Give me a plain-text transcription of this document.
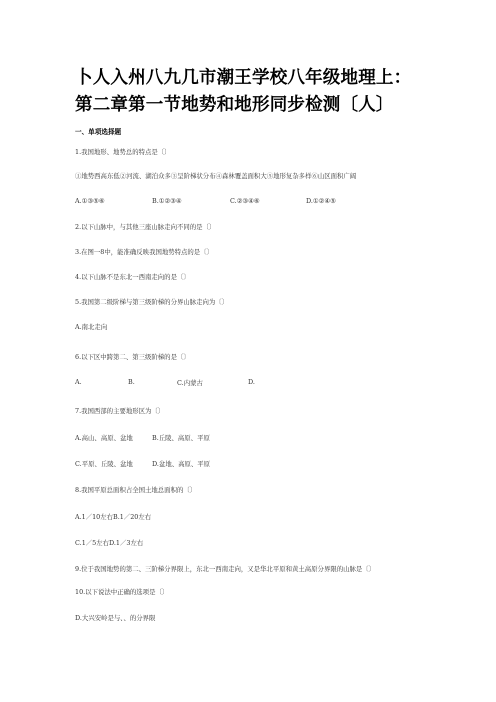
卜人入州八九几市潮王学校八年级地理上：
第二章第一节地势和地形同步检测〔人〕
一、单项选择题
1.我国地形、地势总的特点是〔〕
①地势西高东低②河流、湖泊众多③呈阶梯状分布④森林覆盖面积大⑤地形复杂多样⑥山区面积广阔
A.①③⑤⑥	B.①②③④	C.②③④⑥	D.①②④⑤
2.以下山脉中，与其他三座山脉走向不同的是〔〕
3.在图一8中，能准确反映我国地势特点的是〔〕
4.以下山脉不是东北一西南走向的是〔〕
5.我国第二级阶梯与第三级阶梯的分界山脉走向为〔〕
A.南北走向
6.以下区中跨第二、第三级阶梯的是〔〕
A.	B.	C.内蒙古	D.
7.我国西部的主要地形区为〔〕
A.高山、高原、盆地	B.丘陵、高原、平原
C.平原、丘陵、盆地	D.盆地、高原、平原
8.我国平原总面积占全国土地总面积的〔〕
A.1／10左右B.1／20左右
C.1／5左右D.1／3左右
9.位于我国地势的第二、三阶梯分界限上，东北一西南走向，又是华北平原和黄土高原分界限的山脉是〔〕
10.以下说法中正确的选项是〔〕
D.大兴安岭是与、、的分界限
